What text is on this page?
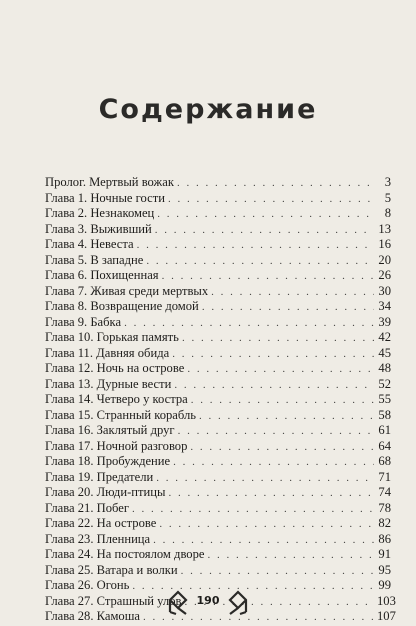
Содержание
Пролог. Мертвый вожак . . .	3
Глава 1. Ночные гости . . .	5
Глава 2. Незнакомец . . .	8
Глава 3. Выживший . . .	13
Глава 4. Невеста . . .	16
Глава 5. В западне . . .	20
Глава 6. Похищенная . . .	26
Глава 7. Живая среди мертвых . . .	30
Глава 8. Возвращение домой . . .	34
Глава 9. Бабка . . .	39
Глава 10. Горькая память . . .	42
Глава 11. Давняя обида . . .	45
Глава 12. Ночь на острове . . .	48
Глава 13. Дурные вести . . .	52
Глава 14. Четверо у костра . . .	55
Глава 15. Странный корабль . . .	58
Глава 16. Заклятый друг . . .	61
Глава 17. Ночной разговор . . .	64
Глава 18. Пробуждение . . .	68
Глава 19. Предатели . . .	71
Глава 20. Люди-птицы . . .	74
Глава 21. Побег . . .	78
Глава 22. На острове . . .	82
Глава 23. Пленница . . .	86
Глава 24. На постоялом дворе . . .	91
Глава 25. Ватара и волки . . .	95
Глава 26. Огонь . . .	99
Глава 27. Страшный улов . . .	103
Глава 28. Камоша . . .	107
190
